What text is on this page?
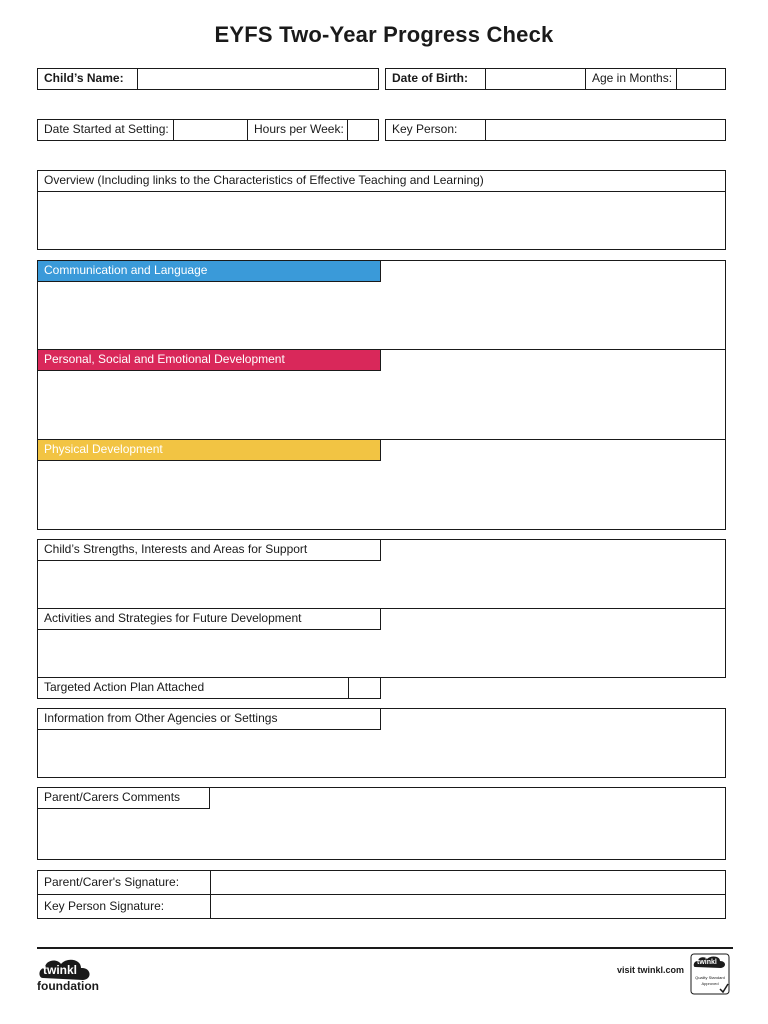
EYFS Two-Year Progress Check
Child’s Name:	Date of Birth:	Age in Months:
Date Started at Setting:	Hours per Week:	Key Person:
Overview (Including links to the Characteristics of Effective Teaching and Learning)
Communication and Language
Personal, Social and Emotional Development
Physical Development
Child’s Strengths, Interests and Areas for Support
Activities and Strategies for Future Development
Targeted Action Plan Attached
Information from Other Agencies or Settings
Parent/Carers Comments
Parent/Carer's Signature:
Key Person Signature:
twinkl
foundation
visit twinkl.com
twinkl
Quality Standard
Approved
